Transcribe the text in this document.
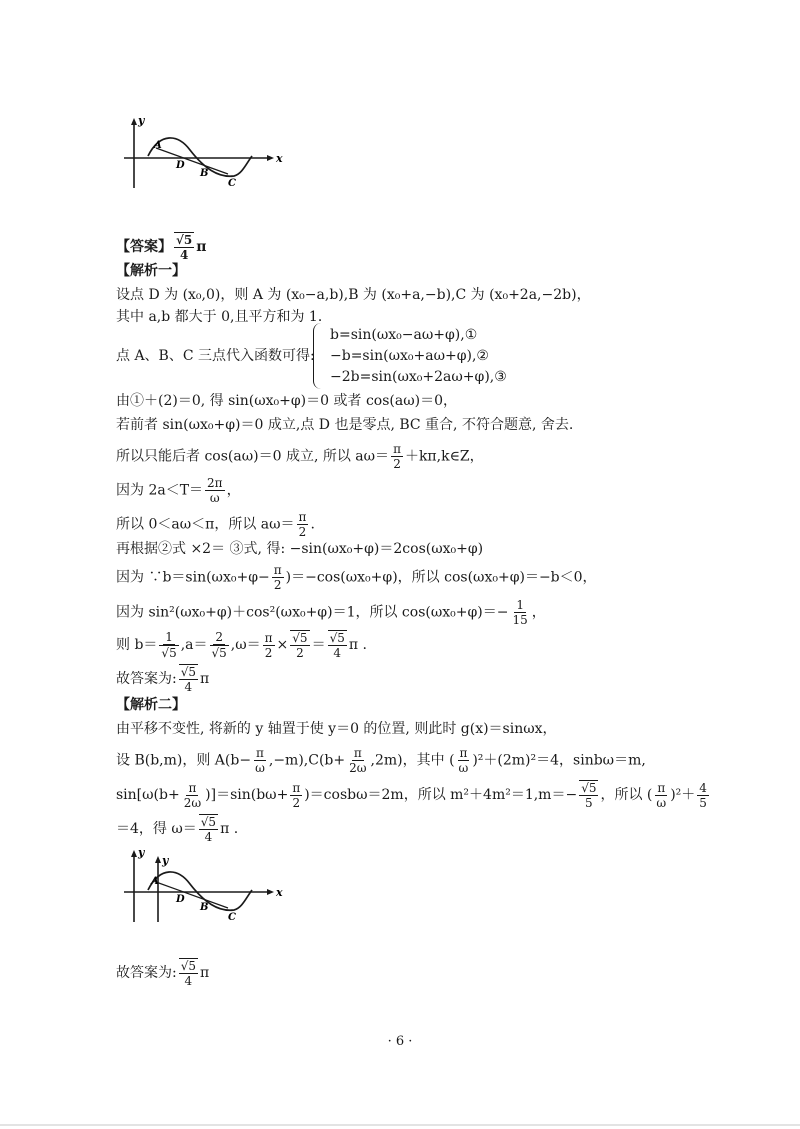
y
x
A
D
B
C
【答案】 $\frac{√5}{4}$ π
【解析一】
设点 D 为 (x₀,0)，则 A 为 (x₀−a,b),B 为 (x₀+a,−b),C 为 (x₀+2a,−2b)，
其中 a,b 都大于 0,且平方和为 1．
点 A、B、C 三点代入函数可得:
b=sin(ωx₀−aω+φ),①
−b=sin(ωx₀+aω+φ),②
−2b=sin(ωx₀+2aω+φ),③
由①＋(2)＝0, 得 sin(ωx₀+φ)＝0 或者 cos(aω)＝0，
若前者 sin(ωx₀+φ)＝0 成立,点 D 也是零点, BC 重合, 不符合题意, 舍去.
所以只能后者 cos(aω)＝0 成立, 所以 $a\omega= \frac{\pi}{2}$ ＋kπ,k∈Z，
因为 $2a<T= \frac{2\pi}{\omega}$ ，
所以 0＜aω＜π，所以 $a\omega= \frac{\pi}{2}$ .
再根据②式 ×2＝ ③式, 得: −sin(ωx₀+φ)＝2cos(ωx₀+φ)
因为 ∵b＝sin(ωx₀+φ− $\frac{\pi}{2} )=-\cos(\omega x_0+\varphi)$，所以 cos(ωx₀+φ)＝−b＜0，
因为 sin²(ωx₀+φ)＋cos²(ωx₀+φ)＝1，所以 $\cos(\omega x_0+\varphi)=- \frac{1}{15}$ ，
则 $b= \frac{1}{√5} ,a= \frac{2}{√5} ,\omega= \frac{\pi}{2} \times \frac{√5}{2} = \frac{√5}{4}$ π .
故答案为: $\frac{√5}{4}$ π
【解析二】
由平移不变性, 将新的 y 轴置于使 y＝0 的位置, 则此时 g(x)＝sinωx，
设 B(b,m)，则 $A(b- \frac{\pi}{\omega} ,-m),C(b+ \frac{\pi}{2\omega} ,2m)$，其中 ( $\frac{\pi}{\omega} )^2+(2m)^2=4$，sinbω＝m,
$\sin[\omega(b+ \frac{\pi}{2\omega} )]=\sin(b\omega+ \frac{\pi}{2} )=\cos b\omega=2m$，所以 $m^2+4m^2=1,m=- \frac{√5}{5}$ ，所以 ( $\frac{\pi}{\omega} )^2+ \frac{4}{5}$
＝4，得 $\omega= \frac{√5}{4}$ π .
y
y
x
A
D
B
C
故答案为: $\frac{√5}{4}$ π
· 6 ·
